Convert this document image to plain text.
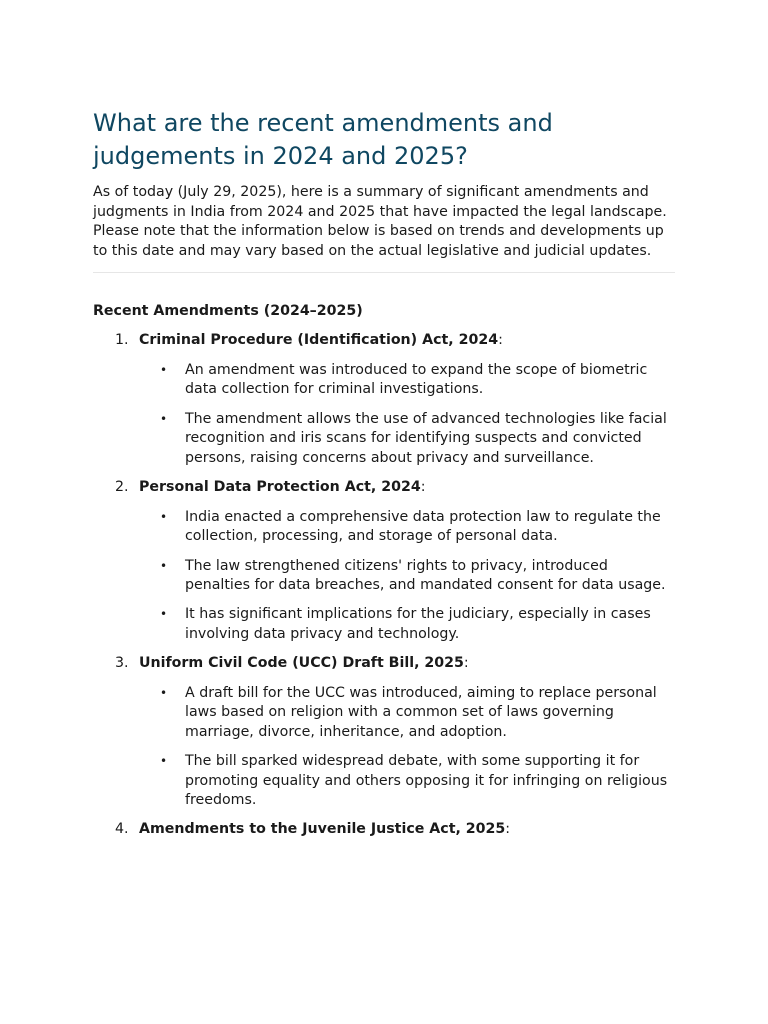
What are the recent amendments and judgements in 2024 and 2025?

As of today (July 29, 2025), here is a summary of significant amendments and judgments in India from 2024 and 2025 that have impacted the legal landscape. Please note that the information below is based on trends and developments up to this date and may vary based on the actual legislative and judicial updates.

Recent Amendments (2024–2025)
1. Criminal Procedure (Identification) Act, 2024:
• An amendment was introduced to expand the scope of biometric data collection for criminal investigations.
• The amendment allows the use of advanced technologies like facial recognition and iris scans for identifying suspects and convicted persons, raising concerns about privacy and surveillance.
2. Personal Data Protection Act, 2024:
• India enacted a comprehensive data protection law to regulate the collection, processing, and storage of personal data.
• The law strengthened citizens' rights to privacy, introduced penalties for data breaches, and mandated consent for data usage.
• It has significant implications for the judiciary, especially in cases involving data privacy and technology.
3. Uniform Civil Code (UCC) Draft Bill, 2025:
• A draft bill for the UCC was introduced, aiming to replace personal laws based on religion with a common set of laws governing marriage, divorce, inheritance, and adoption.
• The bill sparked widespread debate, with some supporting it for promoting equality and others opposing it for infringing on religious freedoms.
4. Amendments to the Juvenile Justice Act, 2025:
